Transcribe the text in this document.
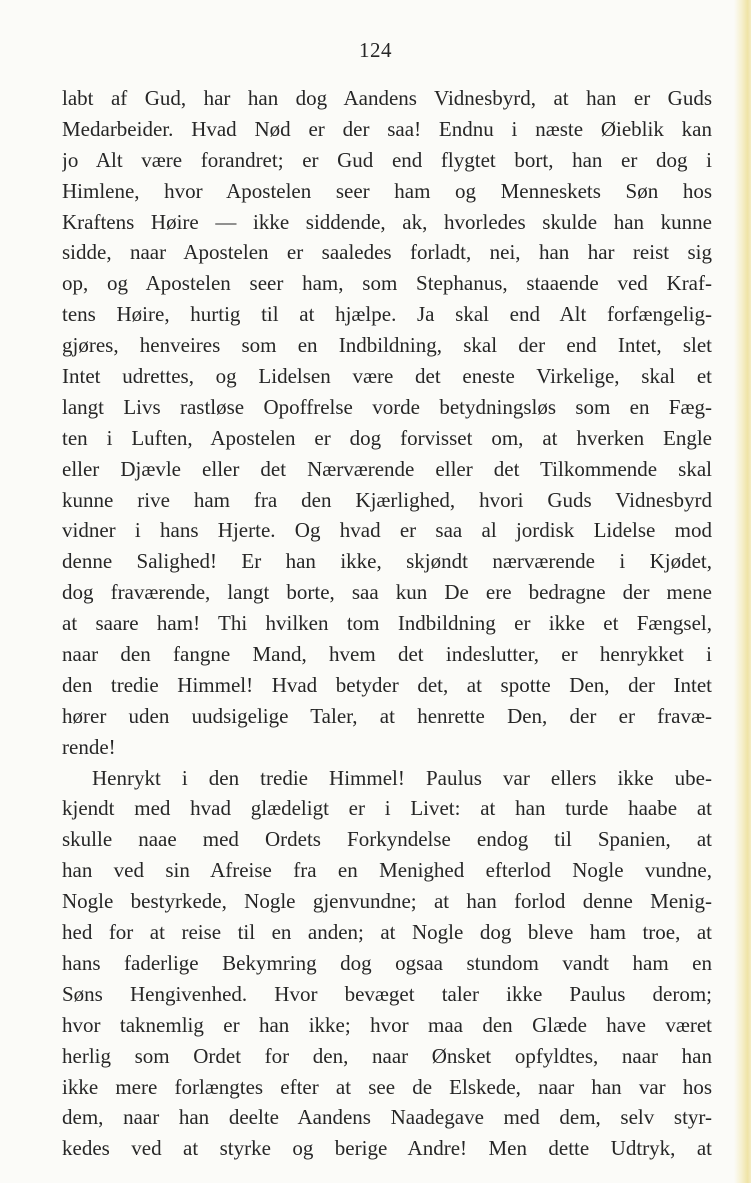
124
labt af Gud, har han dog Aandens Vidnesbyrd, at han er Guds
Medarbeider. Hvad Nød er der saa! Endnu i næste Øieblik kan
jo Alt være forandret; er Gud end flygtet bort, han er dog i
Himlene, hvor Apostelen seer ham og Menneskets Søn hos
Kraftens Høire — ikke siddende, ak, hvorledes skulde han kunne
sidde, naar Apostelen er saaledes forladt, nei, han har reist sig
op, og Apostelen seer ham, som Stephanus, staaende ved Kraf-
tens Høire, hurtig til at hjælpe. Ja skal end Alt forfængelig-
gjøres, henveires som en Indbildning, skal der end Intet, slet
Intet udrettes, og Lidelsen være det eneste Virkelige, skal et
langt Livs rastløse Opoffrelse vorde betydningsløs som en Fæg-
ten i Luften, Apostelen er dog forvisset om, at hverken Engle
eller Djævle eller det Nærværende eller det Tilkommende skal
kunne rive ham fra den Kjærlighed, hvori Guds Vidnesbyrd
vidner i hans Hjerte. Og hvad er saa al jordisk Lidelse mod
denne Salighed! Er han ikke, skjøndt nærværende i Kjødet,
dog fraværende, langt borte, saa kun De ere bedragne der mene
at saare ham! Thi hvilken tom Indbildning er ikke et Fængsel,
naar den fangne Mand, hvem det indeslutter, er henrykket i
den tredie Himmel! Hvad betyder det, at spotte Den, der Intet
hører uden uudsigelige Taler, at henrette Den, der er fravæ-
rende!
Henrykt i den tredie Himmel! Paulus var ellers ikke ube-
kjendt med hvad glædeligt er i Livet: at han turde haabe at
skulle naae med Ordets Forkyndelse endog til Spanien, at
han ved sin Afreise fra en Menighed efterlod Nogle vundne,
Nogle bestyrkede, Nogle gjenvundne; at han forlod denne Menig-
hed for at reise til en anden; at Nogle dog bleve ham troe, at
hans faderlige Bekymring dog ogsaa stundom vandt ham en
Søns Hengivenhed. Hvor bevæget taler ikke Paulus derom;
hvor taknemlig er han ikke; hvor maa den Glæde have været
herlig som Ordet for den, naar Ønsket opfyldtes, naar han
ikke mere forlængtes efter at see de Elskede, naar han var hos
dem, naar han deelte Aandens Naadegave med dem, selv styr-
kedes ved at styrke og berige Andre! Men dette Udtryk, at
